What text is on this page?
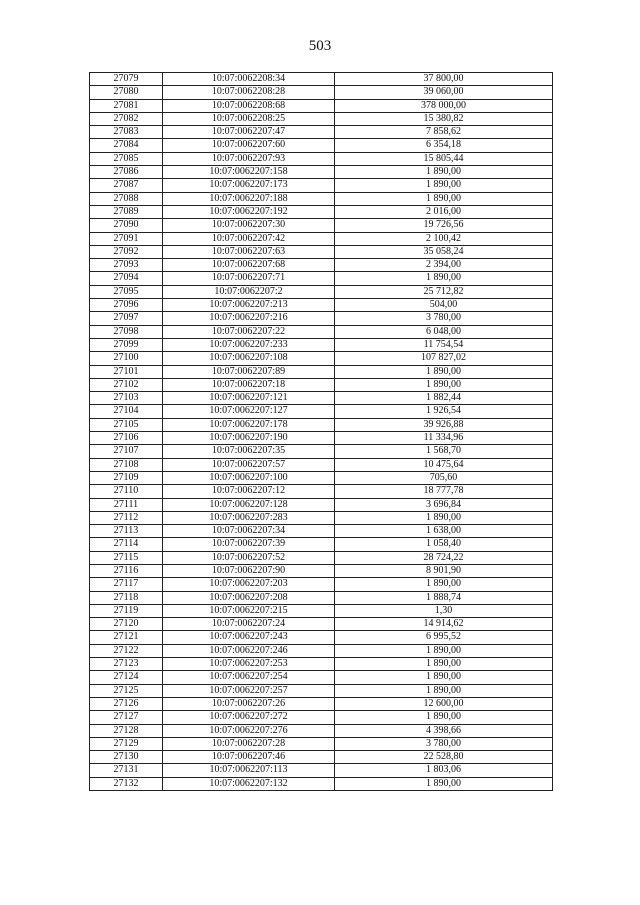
503
27079	10:07:0062208:34	37 800,00
27080	10:07:0062208:28	39 060,00
27081	10:07:0062208:68	378 000,00
27082	10:07:0062208:25	15 380,82
27083	10:07:0062207:47	7 858,62
27084	10:07:0062207:60	6 354,18
27085	10:07:0062207:93	15 805,44
27086	10:07:0062207:158	1 890,00
27087	10:07:0062207:173	1 890,00
27088	10:07:0062207:188	1 890,00
27089	10:07:0062207:192	2 016,00
27090	10:07:0062207:30	19 726,56
27091	10:07:0062207:42	2 100,42
27092	10:07:0062207:63	35 058,24
27093	10:07:0062207:68	2 394,00
27094	10:07:0062207:71	1 890,00
27095	10:07:0062207:2	25 712,82
27096	10:07:0062207:213	504,00
27097	10:07:0062207:216	3 780,00
27098	10:07:0062207:22	6 048,00
27099	10:07:0062207:233	11 754,54
27100	10:07:0062207:108	107 827,02
27101	10:07:0062207:89	1 890,00
27102	10:07:0062207:18	1 890,00
27103	10:07:0062207:121	1 882,44
27104	10:07:0062207:127	1 926,54
27105	10:07:0062207:178	39 926,88
27106	10:07:0062207:190	11 334,96
27107	10:07:0062207:35	1 568,70
27108	10:07:0062207:57	10 475,64
27109	10:07:0062207:100	705,60
27110	10:07:0062207:12	18 777,78
27111	10:07:0062207:128	3 696,84
27112	10:07:0062207:283	1 890,00
27113	10:07:0062207:34	1 638,00
27114	10:07:0062207:39	1 058,40
27115	10:07:0062207:52	28 724,22
27116	10:07:0062207:90	8 901,90
27117	10:07:0062207:203	1 890,00
27118	10:07:0062207:208	1 888,74
27119	10:07:0062207:215	1,30
27120	10:07:0062207:24	14 914,62
27121	10:07:0062207:243	6 995,52
27122	10:07:0062207:246	1 890,00
27123	10:07:0062207:253	1 890,00
27124	10:07:0062207:254	1 890,00
27125	10:07:0062207:257	1 890,00
27126	10:07:0062207:26	12 600,00
27127	10:07:0062207:272	1 890,00
27128	10:07:0062207:276	4 398,66
27129	10:07:0062207:28	3 780,00
27130	10:07:0062207:46	22 528,80
27131	10:07:0062207:113	1 803,06
27132	10:07:0062207:132	1 890,00
